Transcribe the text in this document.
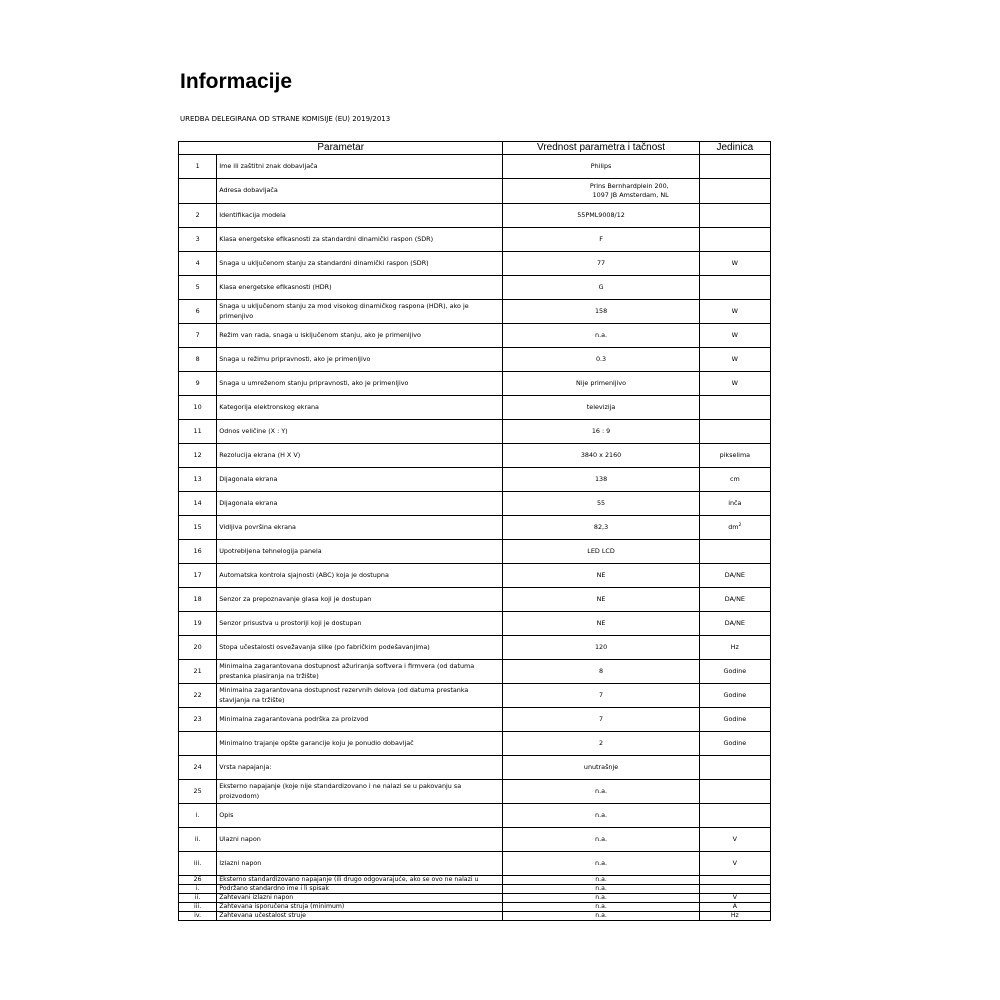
Informacije
UREDBA DELEGIRANA OD STRANE KOMISIJE (EU) 2019/2013
Parametar		Vrednost parametra i tačnost	Jedinica
1	Ime ili zaštitni znak dobavljača	Philips	
	Adresa dobavljača	Prins Bernhardplein 200,
1097 JB Amsterdam, NL	

2	Identifikacija modela	55PML9008/12	
3	Klasa energetske efikasnosti za standardni dinamički raspon (SDR)	F	
4	Snaga u uključenom stanju za standardni dinamički raspon (SDR)	77	W
5	Klasa energetske efikasnosti (HDR)	G	
6	Snaga u uključenom stanju za mod visokog dinamičkog raspona (HDR), ako je primenjivo	158	W
7	Režim van rada, snaga u isključenom stanju, ako je primenljivo	n.a.	W
8	Snaga u režimu pripravnosti, ako je primenljivo	0.3	W
9	Snaga u umreženom stanju pripravnosti, ako je primenljivo	Nije primenljivo	W
10	Kategorija elektronskog ekrana	televizija	
11	Odnos veličine (X : Y)	16 : 9	
12	Rezolucija ekrana (H X V)	3840 x 2160	pikselima
13	Dijagonala ekrana	138	cm
14	Dijagonala ekrana	55	inča
15	Vidljiva površina ekrana	82,3	$dm^2$
16	Upotrebljena tehnelogija panela	LED LCD	
17	Automatska kontrola sjajnosti (ABC) koja je dostupna	NE	DA/NE
18	Senzor za prepoznavanje glasa koji je dostupan	NE	DA/NE
19	Senzor prisustva u prostoriji koji je dostupan	NE	DA/NE
20	Stopa učestalosti osvežavanja slike (po fabričkim podešavanjima)	120	Hz
21	Minimalna zagarantovana dostupnost ažuriranja softvera i firmvera (od datuma prestanka plasiranja na tržište)	8	Godine
22	Minimalna zagarantovana dostupnost rezervnih delova (od datuma prestanka stavljanja na tržište)	7	Godine
23	Minimalna zagarantovana podrška za proizvod	7	Godine
	Minimalno trajanje opšte garancije koju je ponudio dobavljač	2	Godine
24	Vrsta napajanja:	unutrašnje	
25	Eksterno napajanje (koje nije standardizovano i ne nalazi se u pakovanju sa proizvodom)	n.a.	
i.	Opis	n.a.	
ii.	Ulazni napon	n.a.	V
iii.	Izlazni napon	n.a.	V
26	Eksterno standardizovano napajanje (ili drugo odgovarajuće, ako se ovo ne nalazi u	n.a.	
i.	Podržano standardno ime i li spisak	n.a.	
ii.	Zahtevani izlazni napon	n.a.	V
iii.	Zahtevana isporučena struja (minimum)	n.a.	A
iv.	Zahtevana učestalost struje	n.a.	Hz
